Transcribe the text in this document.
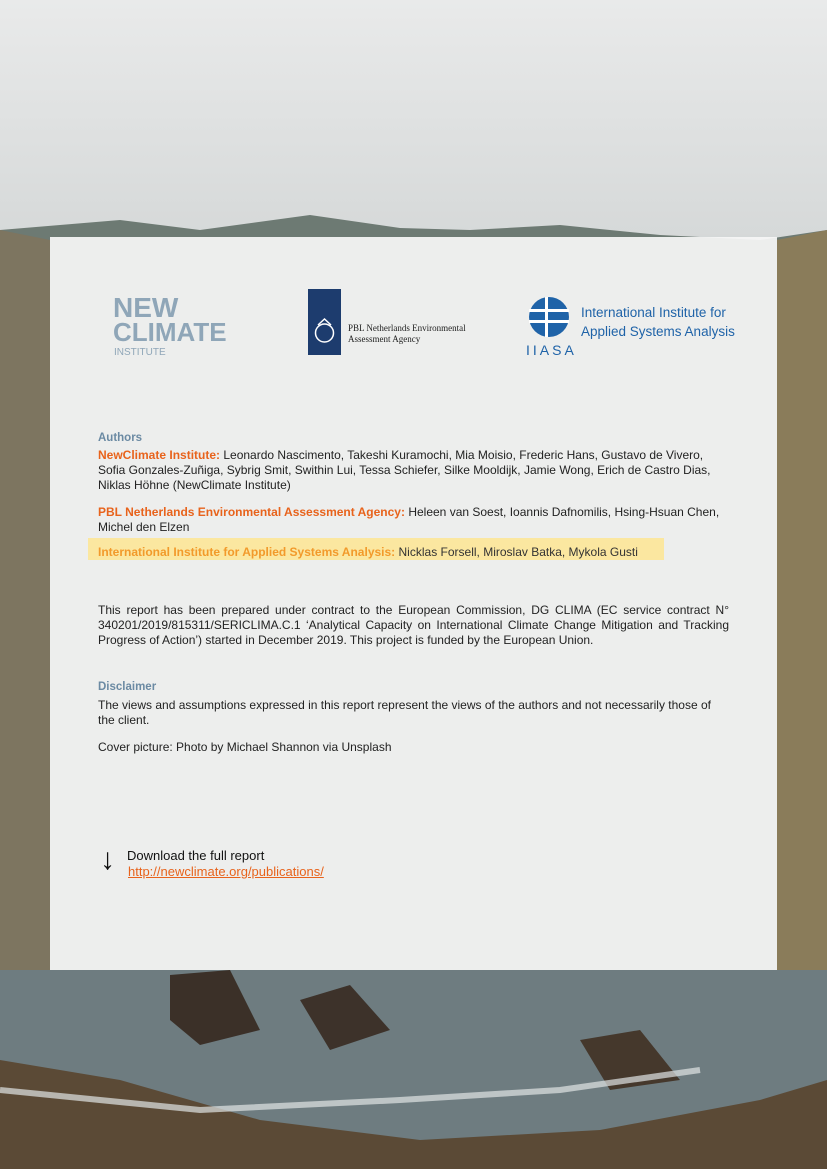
NEW
CLIMATE
INSTITUTE
PBL Netherlands Environmental
Assessment Agency
IIASA
International Institute for
Applied Systems Analysis
Authors
NewClimate Institute: Leonardo Nascimento, Takeshi Kuramochi, Mia Moisio, Frederic Hans, Gustavo de Vivero, Sofia Gonzales-Zuñiga, Sybrig Smit, Swithin Lui, Tessa Schiefer, Silke Mooldijk, Jamie Wong, Erich de Castro Dias, Niklas Höhne (NewClimate Institute)
PBL Netherlands Environmental Assessment Agency: Heleen van Soest, Ioannis Dafnomilis, Hsing-Hsuan Chen, Michel den Elzen
International Institute for Applied Systems Analysis: Nicklas Forsell, Miroslav Batka, Mykola Gusti
This report has been prepared under contract to the European Commission, DG CLIMA (EC service contract N° 340201/2019/815311/SERICLIMA.C.1 ‘Analytical Capacity on International Climate Change Mitigation and Tracking Progress of Action’) started in December 2019. This project is funded by the European Union.
Disclaimer
The views and assumptions expressed in this report represent the views of the authors and not necessarily those of the client.
Cover picture: Photo by Michael Shannon via Unsplash
↓ Download the full report
http://newclimate.org/publications/
